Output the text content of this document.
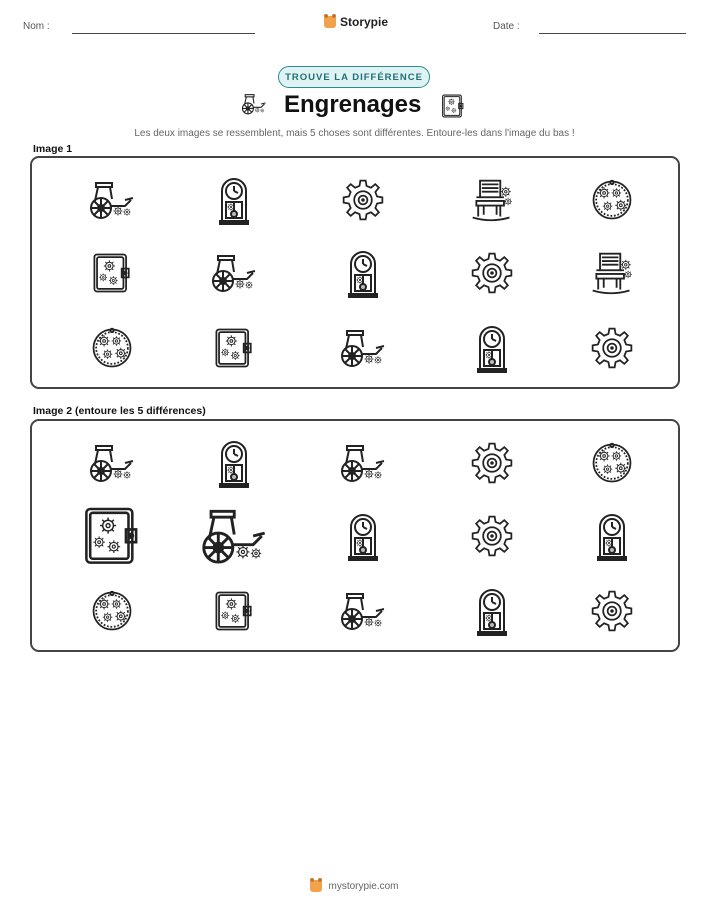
Nom :	Storypie	Date :
TROUVE LA DIFFÉRENCE
Engrenages
Les deux images se ressemblent, mais 5 choses sont différentes. Entoure-les dans l'image du bas !
Image 1
Image 2 (entoure les 5 différences)
mystorypie.com
